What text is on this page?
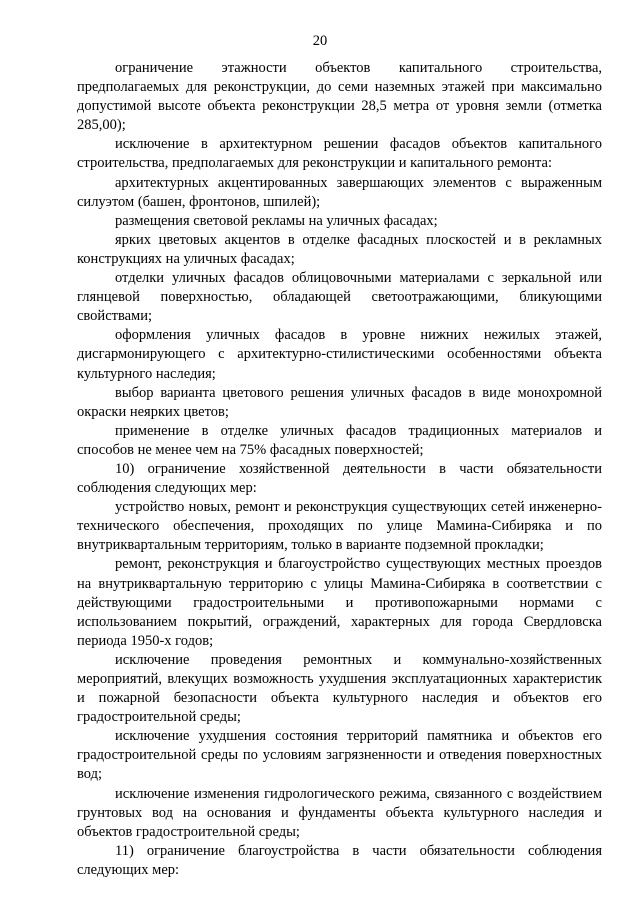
20

ограничение этажности объектов капитального строительства, предполагаемых для реконструкции, до семи наземных этажей при максимально допустимой высоте объекта реконструкции 28,5 метра от уровня земли (отметка 285,00);

исключение в архитектурном решении фасадов объектов капитального строительства, предполагаемых для реконструкции и капитального ремонта:

архитектурных акцентированных завершающих элементов с выраженным силуэтом (башен, фронтонов, шпилей);

размещения световой рекламы на уличных фасадах;

ярких цветовых акцентов в отделке фасадных плоскостей и в рекламных конструкциях на уличных фасадах;

отделки уличных фасадов облицовочными материалами с зеркальной или глянцевой поверхностью, обладающей светоотражающими, бликующими свойствами;

оформления уличных фасадов в уровне нижних нежилых этажей, дисгармонирующего с архитектурно-стилистическими особенностями объекта культурного наследия;

выбор варианта цветового решения уличных фасадов в виде монохромной окраски неярких цветов;

применение в отделке уличных фасадов традиционных материалов и способов не менее чем на 75% фасадных поверхностей;

10) ограничение хозяйственной деятельности в части обязательности соблюдения следующих мер:

устройство новых, ремонт и реконструкция существующих сетей инженерно-технического обеспечения, проходящих по улице Мамина-Сибиряка и по внутриквартальным территориям, только в варианте подземной прокладки;

ремонт, реконструкция и благоустройство существующих местных проездов на внутриквартальную территорию с улицы Мамина-Сибиряка в соответствии с действующими градостроительными и противопожарными нормами с использованием покрытий, ограждений, характерных для города Свердловска периода 1950-х годов;

исключение проведения ремонтных и коммунально-хозяйственных мероприятий, влекущих возможность ухудшения эксплуатационных характеристик и пожарной безопасности объекта культурного наследия и объектов его градостроительной среды;

исключение ухудшения состояния территорий памятника и объектов его градостроительной среды по условиям загрязненности и отведения поверхностных вод;

исключение изменения гидрологического режима, связанного с воздействием грунтовых вод на основания и фундаменты объекта культурного наследия и объектов градостроительной среды;

11) ограничение благоустройства в части обязательности соблюдения следующих мер:
